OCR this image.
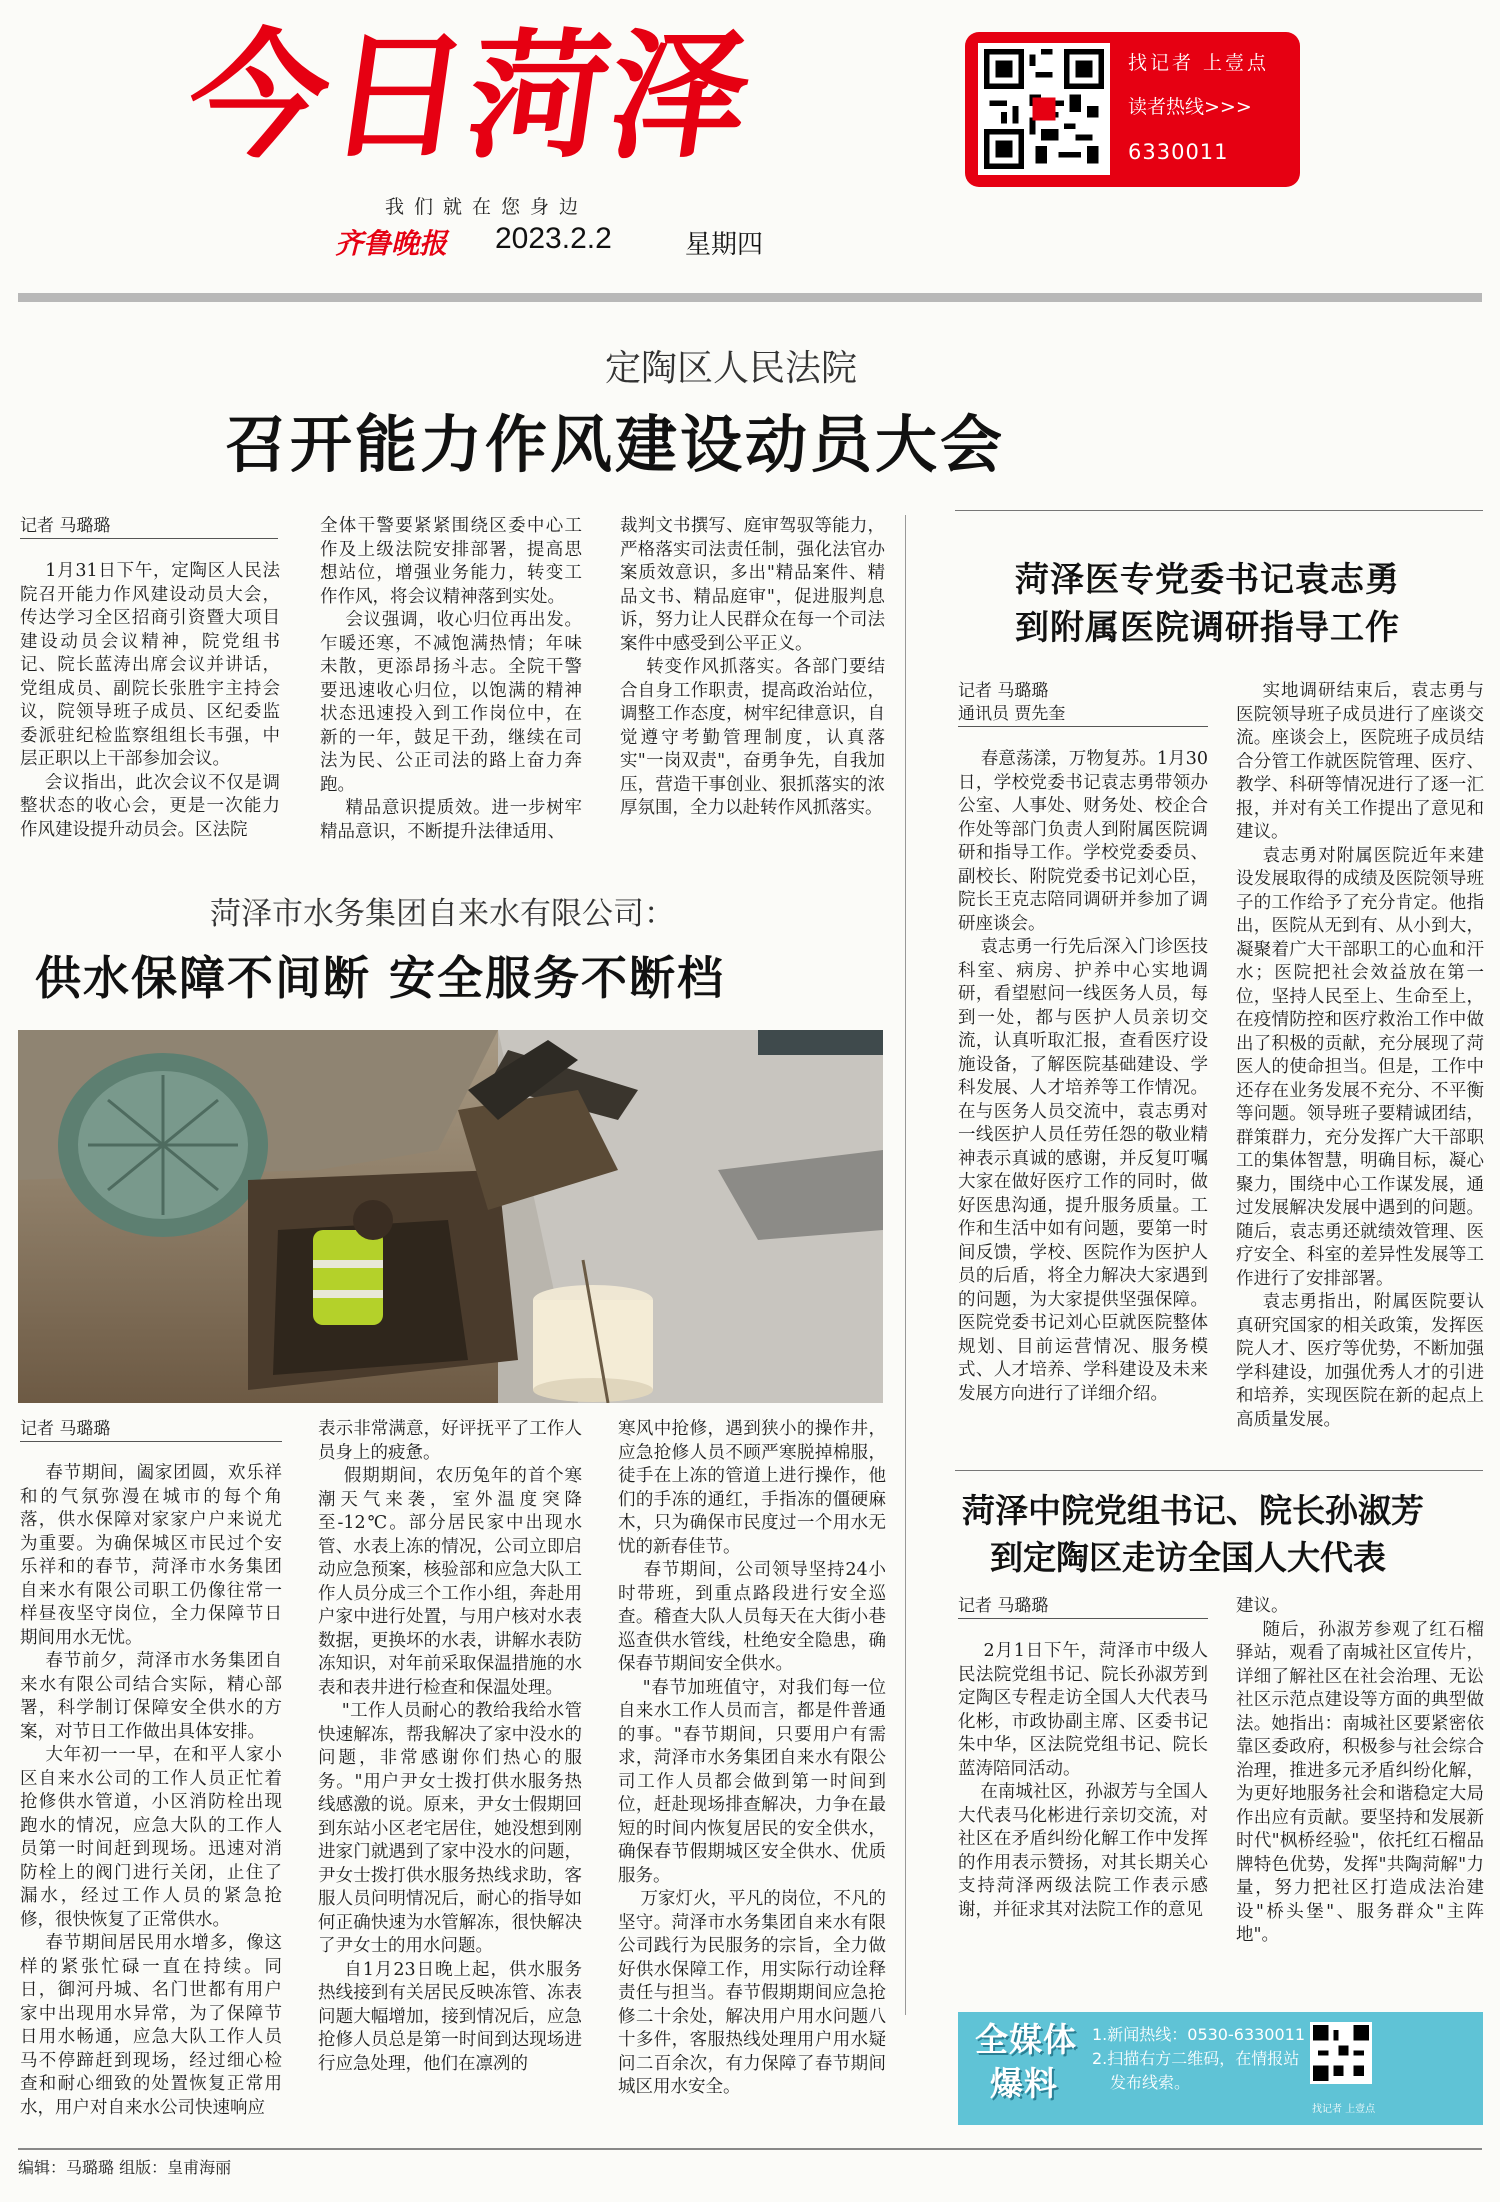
今日菏泽
我们就在您身边
齐鲁晚报 2023.2.2	星期四
找记者 上壹点
读者热线>>>
6330011
定陶区人民法院
召开能力作风建设动员大会
记者 马璐璐
1月31日下午，定陶区人民法院召开能力作风建设动员大会，传达学习全区招商引资暨大项目建设动员会议精神，院党组书记、院长蓝涛出席会议并讲话，党组成员、副院长张胜宇主持会议，院领导班子成员、区纪委监委派驻纪检监察组组长韦强，中层正职以上干部参加会议。
会议指出，此次会议不仅是调整状态的收心会，更是一次能力作风建设提升动员会。区法院
全体干警要紧紧围绕区委中心工作及上级法院安排部署，提高思想站位，增强业务能力，转变工作作风，将会议精神落到实处。
会议强调，收心归位再出发。乍暖还寒，不减饱满热情；年味未散，更添昂扬斗志。全院干警要迅速收心归位，以饱满的精神状态迅速投入到工作岗位中，在新的一年，鼓足干劲，继续在司法为民、公正司法的路上奋力奔跑。
精品意识提质效。进一步树牢精品意识，不断提升法律适用、
裁判文书撰写、庭审驾驭等能力，严格落实司法责任制，强化法官办案质效意识，多出"精品案件、精品文书、精品庭审"，促进服判息诉，努力让人民群众在每一个司法案件中感受到公平正义。
转变作风抓落实。各部门要结合自身工作职责，提高政治站位，调整工作态度，树牢纪律意识，自觉遵守考勤管理制度，认真落实"一岗双责"，奋勇争先，自我加压，营造干事创业、狠抓落实的浓厚氛围，全力以赴转作风抓落实。
菏泽市水务集团自来水有限公司：
供水保障不间断 安全服务不断档
记者 马璐璐
春节期间，阖家团圆，欢乐祥和的气氛弥漫在城市的每个角落，供水保障对家家户户来说尤为重要。为确保城区市民过个安乐祥和的春节，菏泽市水务集团自来水有限公司职工仍像往常一样昼夜坚守岗位，全力保障节日期间用水无忧。
春节前夕，菏泽市水务集团自来水有限公司结合实际，精心部署，科学制订保障安全供水的方案，对节日工作做出具体安排。
大年初一一早，在和平人家小区自来水公司的工作人员正忙着抢修供水管道，小区消防栓出现跑水的情况，应急大队的工作人员第一时间赶到现场。迅速对消防栓上的阀门进行关闭，止住了漏水，经过工作人员的紧急抢修，很快恢复了正常供水。
春节期间居民用水增多，像这样的紧张忙碌一直在持续。同日，御河丹城、名门世都有用户家中出现用水异常，为了保障节日用水畅通，应急大队工作人员马不停蹄赶到现场，经过细心检查和耐心细致的处置恢复正常用水，用户对自来水公司快速响应
表示非常满意，好评抚平了工作人员身上的疲惫。
假期期间，农历兔年的首个寒潮天气来袭，室外温度突降至-12℃。部分居民家中出现水管、水表上冻的情况，公司立即启动应急预案，核验部和应急大队工作人员分成三个工作小组，奔赴用户家中进行处置，与用户核对水表数据，更换坏的水表，讲解水表防冻知识，对年前采取保温措施的水表和表井进行检查和保温处理。
"工作人员耐心的教给我给水管快速解冻，帮我解决了家中没水的问题，非常感谢你们热心的服务。"用户尹女士拨打供水服务热线感激的说。原来，尹女士假期回到东站小区老宅居住，她没想到刚进家门就遇到了家中没水的问题，尹女士拨打供水服务热线求助，客服人员问明情况后，耐心的指导如何正确快速为水管解冻，很快解决了尹女士的用水问题。
自1月23日晚上起，供水服务热线接到有关居民反映冻管、冻表问题大幅增加，接到情况后，应急抢修人员总是第一时间到达现场进行应急处理，他们在凛冽的
寒风中抢修，遇到狭小的操作井，应急抢修人员不顾严寒脱掉棉服，徒手在上冻的管道上进行操作，他们的手冻的通红，手指冻的僵硬麻木，只为确保市民度过一个用水无忧的新春佳节。
春节期间，公司领导坚持24小时带班，到重点路段进行安全巡查。稽查大队人员每天在大街小巷巡查供水管线，杜绝安全隐患，确保春节期间安全供水。
"春节加班值守，对我们每一位自来水工作人员而言，都是件普通的事。"春节期间，只要用户有需求，菏泽市水务集团自来水有限公司工作人员都会做到第一时间到位，赶赴现场排查解决，力争在最短的时间内恢复居民的安全供水，确保春节假期城区安全供水、优质服务。
万家灯火，平凡的岗位，不凡的坚守。菏泽市水务集团自来水有限公司践行为民服务的宗旨，全力做好供水保障工作，用实际行动诠释责任与担当。春节假期期间应急抢修二十余处，解决用户用水问题八十多件，客服热线处理用户用水疑问二百余次，有力保障了春节期间城区用水安全。
菏泽医专党委书记袁志勇
到附属医院调研指导工作
记者 马璐璐
通讯员 贾先奎
春意荡漾，万物复苏。1月30日，学校党委书记袁志勇带领办公室、人事处、财务处、校企合作处等部门负责人到附属医院调研和指导工作。学校党委委员、副校长、附院党委书记刘心臣，院长王克志陪同调研并参加了调研座谈会。
袁志勇一行先后深入门诊医技科室、病房、护养中心实地调研，看望慰问一线医务人员，每到一处，都与医护人员亲切交流，认真听取汇报，查看医疗设施设备，了解医院基础建设、学科发展、人才培养等工作情况。在与医务人员交流中，袁志勇对一线医护人员任劳任怨的敬业精神表示真诚的感谢，并反复叮嘱大家在做好医疗工作的同时，做好医患沟通，提升服务质量。工作和生活中如有问题，要第一时间反馈，学校、医院作为医护人员的后盾，将全力解决大家遇到的问题，为大家提供坚强保障。医院党委书记刘心臣就医院整体规划、目前运营情况、服务模式、人才培养、学科建设及未来发展方向进行了详细介绍。
实地调研结束后，袁志勇与医院领导班子成员进行了座谈交流。座谈会上，医院班子成员结合分管工作就医院管理、医疗、教学、科研等情况进行了逐一汇报，并对有关工作提出了意见和建议。
袁志勇对附属医院近年来建设发展取得的成绩及医院领导班子的工作给予了充分肯定。他指出，医院从无到有、从小到大，凝聚着广大干部职工的心血和汗水；医院把社会效益放在第一位，坚持人民至上、生命至上，在疫情防控和医疗救治工作中做出了积极的贡献，充分展现了菏医人的使命担当。但是，工作中还存在业务发展不充分、不平衡等问题。领导班子要精诚团结，群策群力，充分发挥广大干部职工的集体智慧，明确目标，凝心聚力，围绕中心工作谋发展，通过发展解决发展中遇到的问题。随后，袁志勇还就绩效管理、医疗安全、科室的差异性发展等工作进行了安排部署。
袁志勇指出，附属医院要认真研究国家的相关政策，发挥医院人才、医疗等优势，不断加强学科建设，加强优秀人才的引进和培养，实现医院在新的起点上高质量发展。
菏泽中院党组书记、院长孙淑芳
到定陶区走访全国人大代表
记者 马璐璐
2月1日下午，菏泽市中级人民法院党组书记、院长孙淑芳到定陶区专程走访全国人大代表马化彬，市政协副主席、区委书记朱中华，区法院党组书记、院长蓝涛陪同活动。
在南城社区，孙淑芳与全国人大代表马化彬进行亲切交流，对社区在矛盾纠纷化解工作中发挥的作用表示赞扬，对其长期关心支持菏泽两级法院工作表示感谢，并征求其对法院工作的意见
建议。
随后，孙淑芳参观了红石榴驿站，观看了南城社区宣传片，详细了解社区在社会治理、无讼社区示范点建设等方面的典型做法。她指出：南城社区要紧密依靠区委政府，积极参与社会综合治理，推进多元矛盾纠纷化解，为更好地服务社会和谐稳定大局作出应有贡献。要坚持和发展新时代"枫桥经验"，依托红石榴品牌特色优势，发挥"共陶菏解"力量，努力把社区打造成法治建设"桥头堡"、服务群众"主阵地"。
全媒体
爆料
1.新闻热线：0530-6330011
2.扫描右方二维码，在情报站
发布线索。
找记者 上壹点
编辑：马璐璐 组版：皇甫海丽
